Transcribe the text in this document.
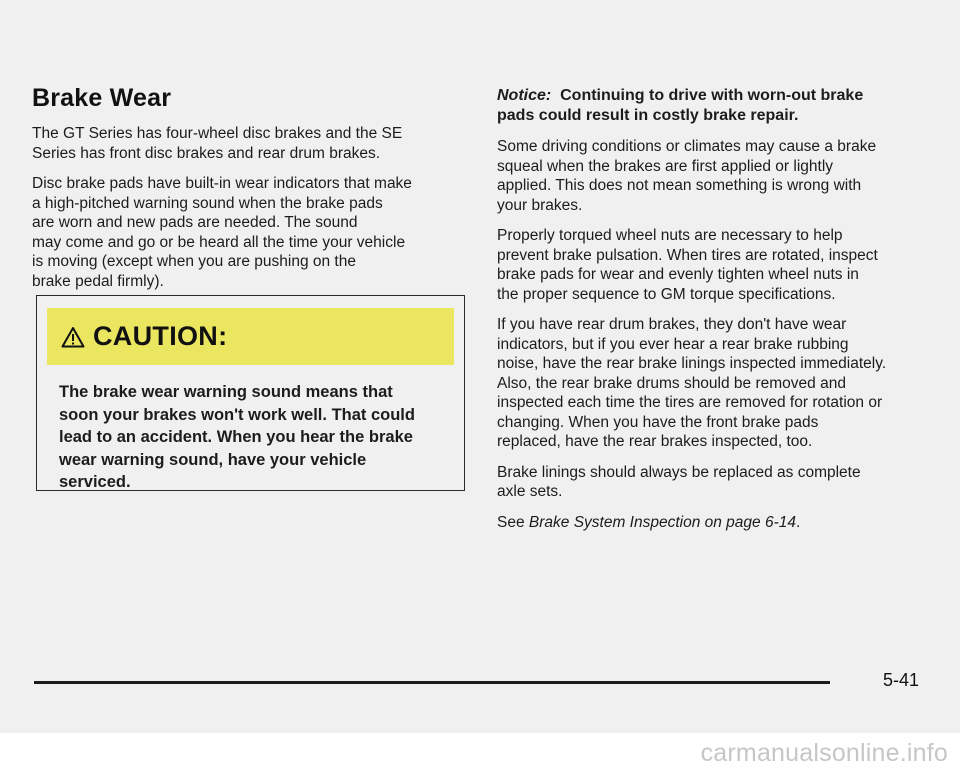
Brake Wear

The GT Series has four-wheel disc brakes and the SE
Series has front disc brakes and rear drum brakes.

Disc brake pads have built-in wear indicators that make
a high-pitched warning sound when the brake pads
are worn and new pads are needed. The sound
may come and go or be heard all the time your vehicle
is moving (except when you are pushing on the
brake pedal firmly).

CAUTION:
The brake wear warning sound means that
soon your brakes won't work well. That could
lead to an accident. When you hear the brake
wear warning sound, have your vehicle
serviced.
Notice: Continuing to drive with worn-out brake
pads could result in costly brake repair.

Some driving conditions or climates may cause a brake
squeal when the brakes are first applied or lightly
applied. This does not mean something is wrong with
your brakes.

Properly torqued wheel nuts are necessary to help
prevent brake pulsation. When tires are rotated, inspect
brake pads for wear and evenly tighten wheel nuts in
the proper sequence to GM torque specifications.

If you have rear drum brakes, they don't have wear
indicators, but if you ever hear a rear brake rubbing
noise, have the rear brake linings inspected immediately.
Also, the rear brake drums should be removed and
inspected each time the tires are removed for rotation or
changing. When you have the front brake pads
replaced, have the rear brakes inspected, too.

Brake linings should always be replaced as complete
axle sets.

See Brake System Inspection on page 6-14.

5-41
carmanualsonline.info
